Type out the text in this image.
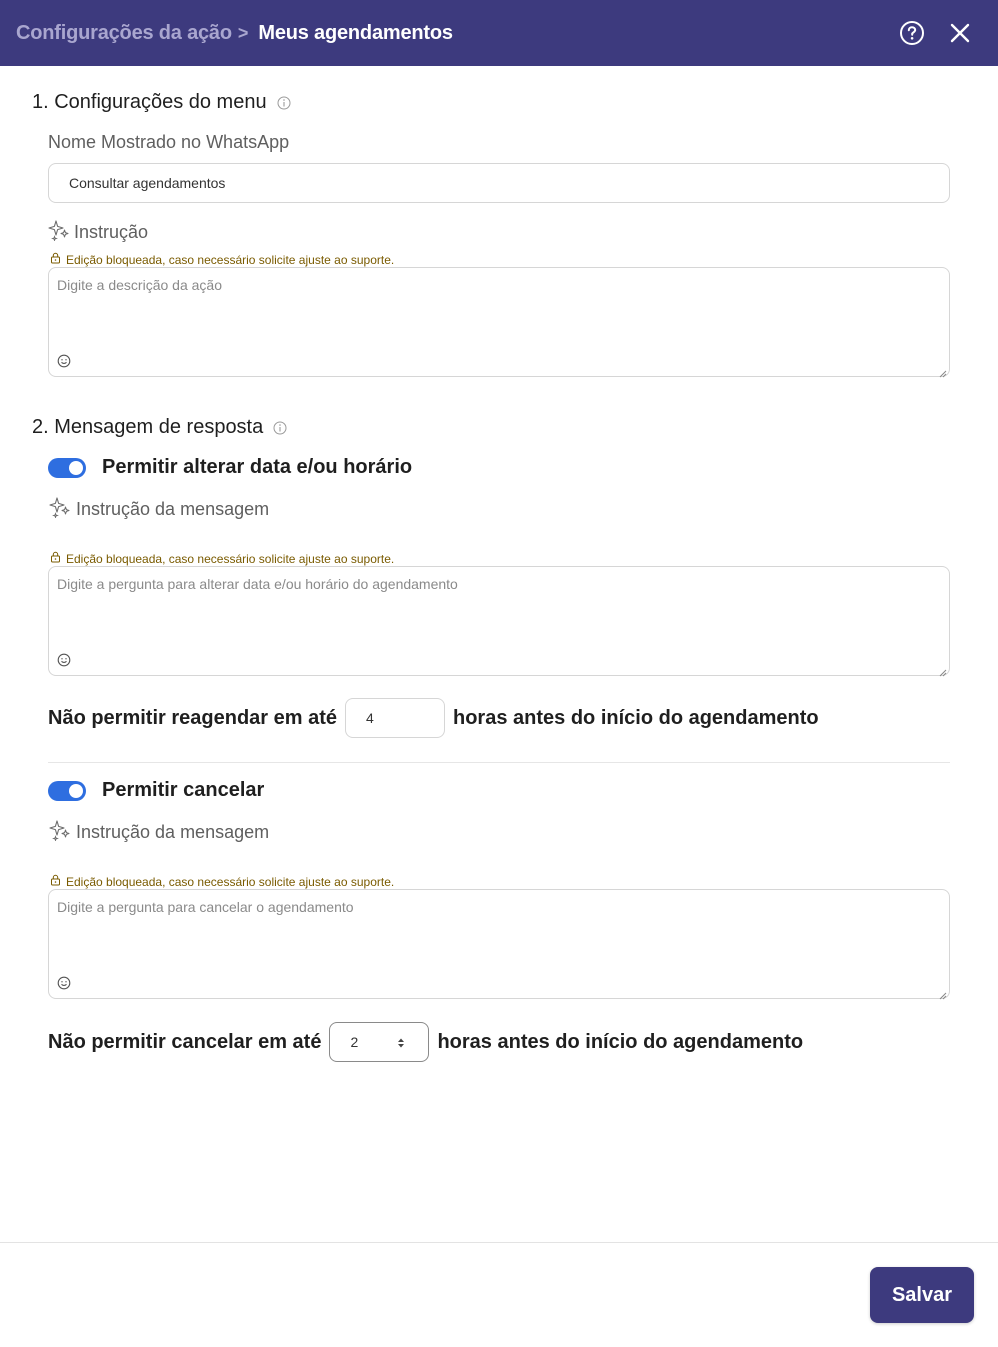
Configurações da ação > Meus agendamentos
1. Configurações do menu
Nome Mostrado no WhatsApp
Consultar agendamentos
Instrução
Edição bloqueada, caso necessário solicite ajuste ao suporte.
Digite a descrição da ação
2. Mensagem de resposta
Permitir alterar data e/ou horário
Instrução da mensagem
Edição bloqueada, caso necessário solicite ajuste ao suporte.
Digite a pergunta para alterar data e/ou horário do agendamento
Não permitir reagendar em até	4	horas antes do início do agendamento
Permitir cancelar
Instrução da mensagem
Edição bloqueada, caso necessário solicite ajuste ao suporte.
Digite a pergunta para cancelar o agendamento
Não permitir cancelar em até 2	horas antes do início do agendamento
Salvar
